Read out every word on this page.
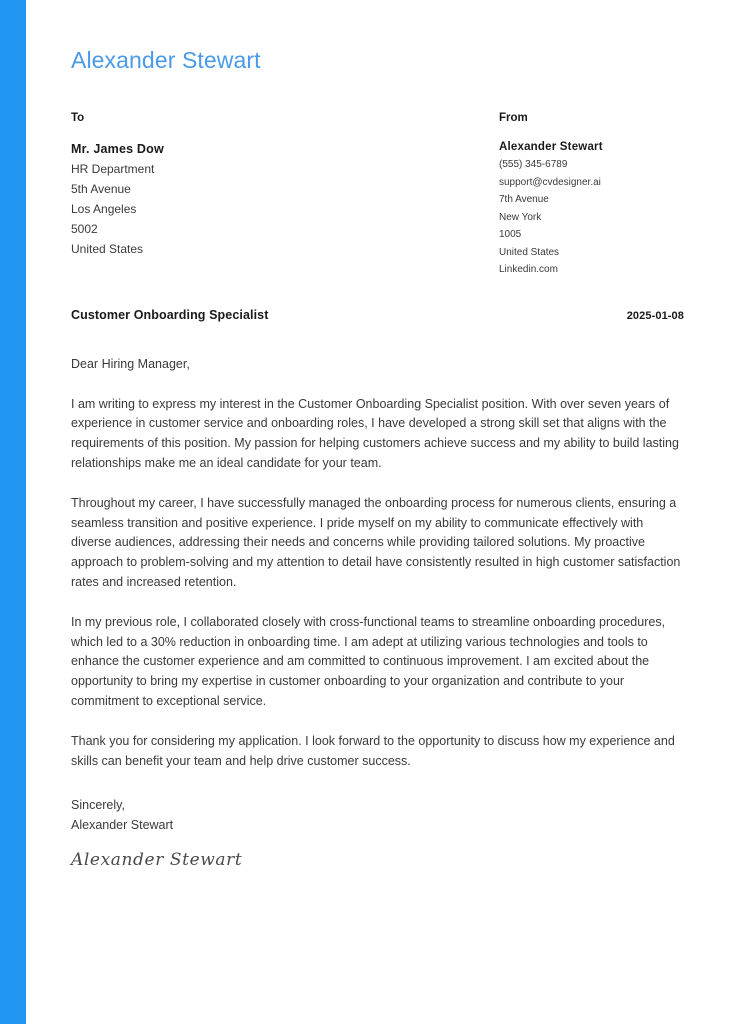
Alexander Stewart
To
Mr. James Dow
HR Department
5th Avenue
Los Angeles
5002
United States
From
Alexander Stewart
(555) 345-6789
support@cvdesigner.ai
7th Avenue
New York
1005
United States
Linkedin.com
Customer Onboarding Specialist	2025-01-08
Dear Hiring Manager,
I am writing to express my interest in the Customer Onboarding Specialist position. With over seven years of experience in customer service and onboarding roles, I have developed a strong skill set that aligns with the requirements of this position. My passion for helping customers achieve success and my ability to build lasting relationships make me an ideal candidate for your team.
Throughout my career, I have successfully managed the onboarding process for numerous clients, ensuring a seamless transition and positive experience. I pride myself on my ability to communicate effectively with diverse audiences, addressing their needs and concerns while providing tailored solutions. My proactive approach to problem-solving and my attention to detail have consistently resulted in high customer satisfaction rates and increased retention.
In my previous role, I collaborated closely with cross-functional teams to streamline onboarding procedures, which led to a 30% reduction in onboarding time. I am adept at utilizing various technologies and tools to enhance the customer experience and am committed to continuous improvement. I am excited about the opportunity to bring my expertise in customer onboarding to your organization and contribute to your commitment to exceptional service.
Thank you for considering my application. I look forward to the opportunity to discuss how my experience and skills can benefit your team and help drive customer success.
Sincerely,
Alexander Stewart
Alexander Stewart
